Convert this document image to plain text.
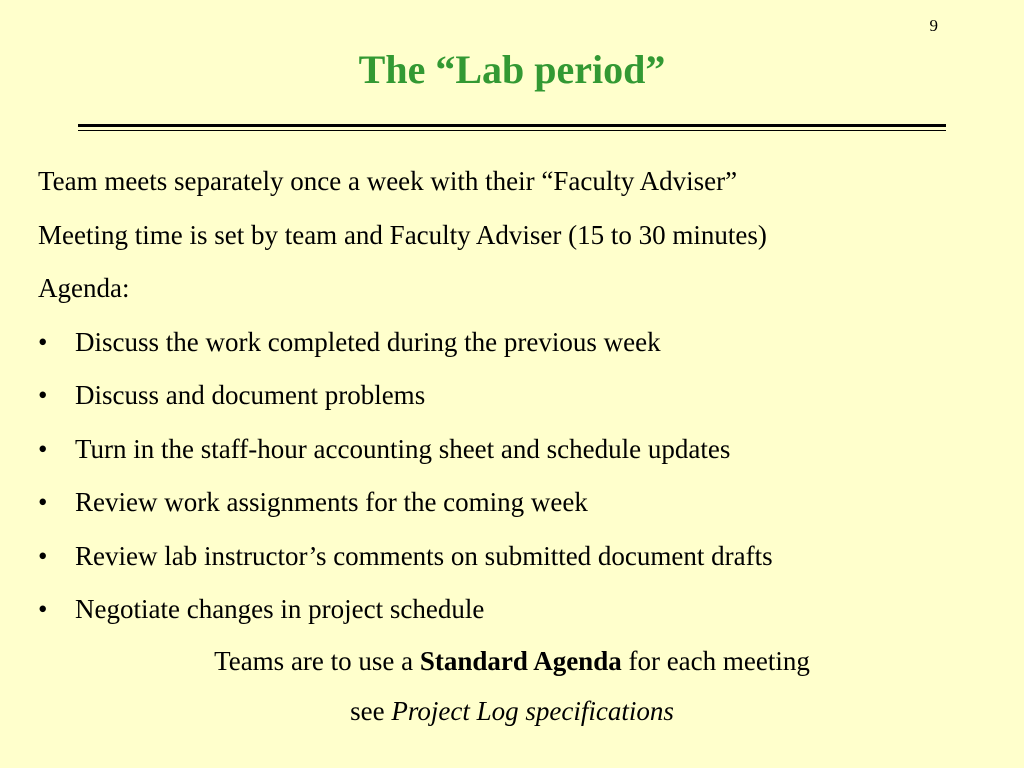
9
The “Lab period”
Team meets separately once a week with their “Faculty Adviser”
Meeting time is set by team and Faculty Adviser (15 to 30 minutes)
Agenda:
• Discuss the work completed during the previous week
• Discuss and document problems
• Turn in the staff-hour accounting sheet and schedule updates
• Review work assignments for the coming week
• Review lab instructor’s comments on submitted document drafts
• Negotiate changes in project schedule
Teams are to use a Standard Agenda for each meeting
see Project Log specifications
